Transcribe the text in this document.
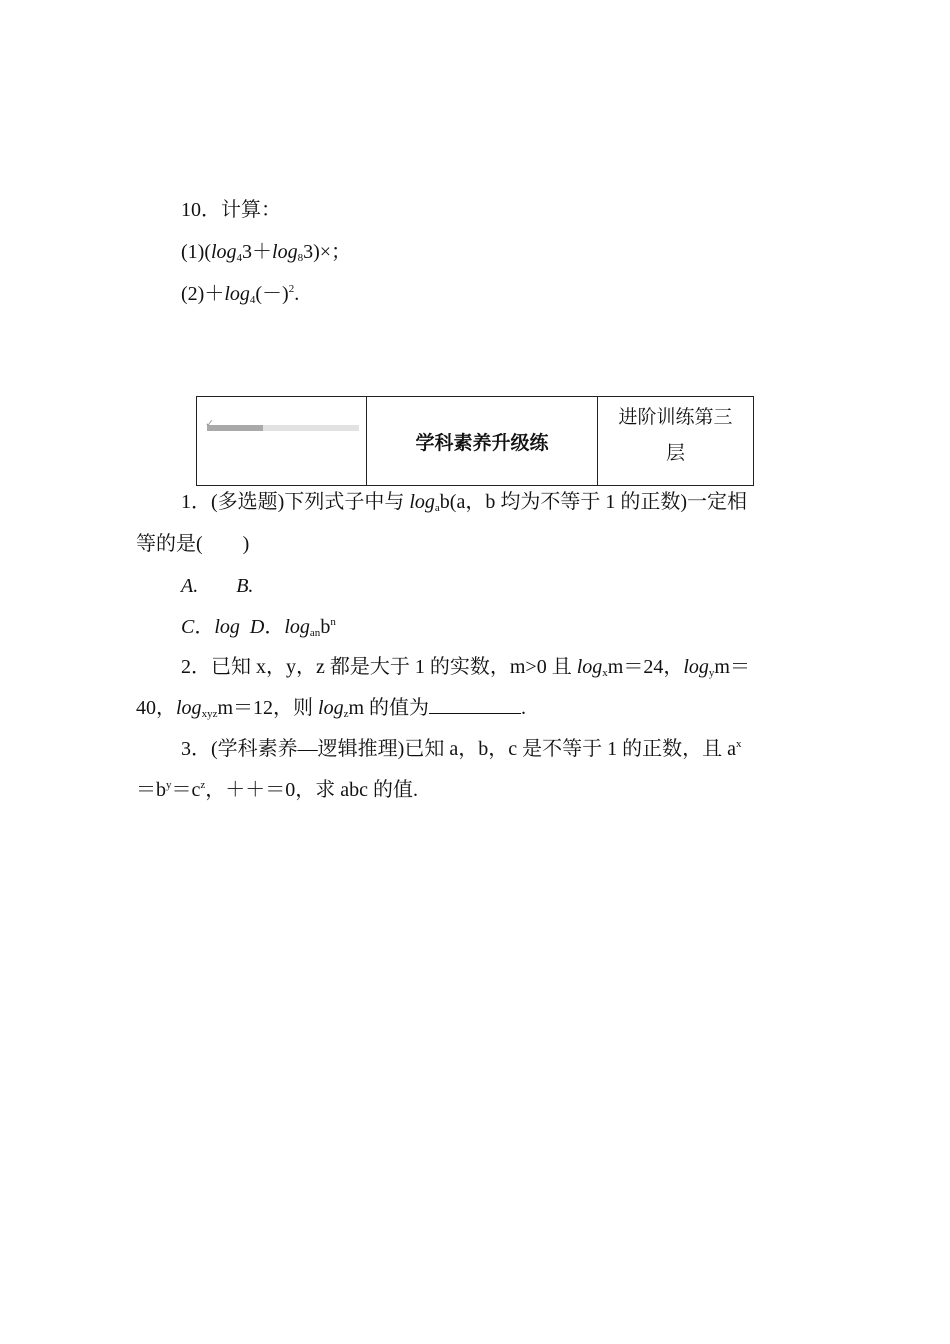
10．计算：
$(1)(\log_43+\log_83)\times$；
$(2)+\log_4(-)^2$.
✓
学科素养升级练
进阶训练第三
层
1．(多选题)下列式子中与 $\log_ab(a$，b 均为不等于 1 的正数)一定相
等的是(　　)
A. B.
C．log D．$\log_{an}b^n$
2．已知 x，y，z 都是大于 1 的实数，m>0 且 $\log_xm=24$，$\log_ym=$
40，$\log_{xyz}m=12$，则 $\log_zm$ 的值为	.
3．(学科素养—逻辑推理)已知 a，b，c 是不等于 1 的正数，且 $a^x$
$=b^y=c^z$，＋＋＝0，求 abc 的值.
